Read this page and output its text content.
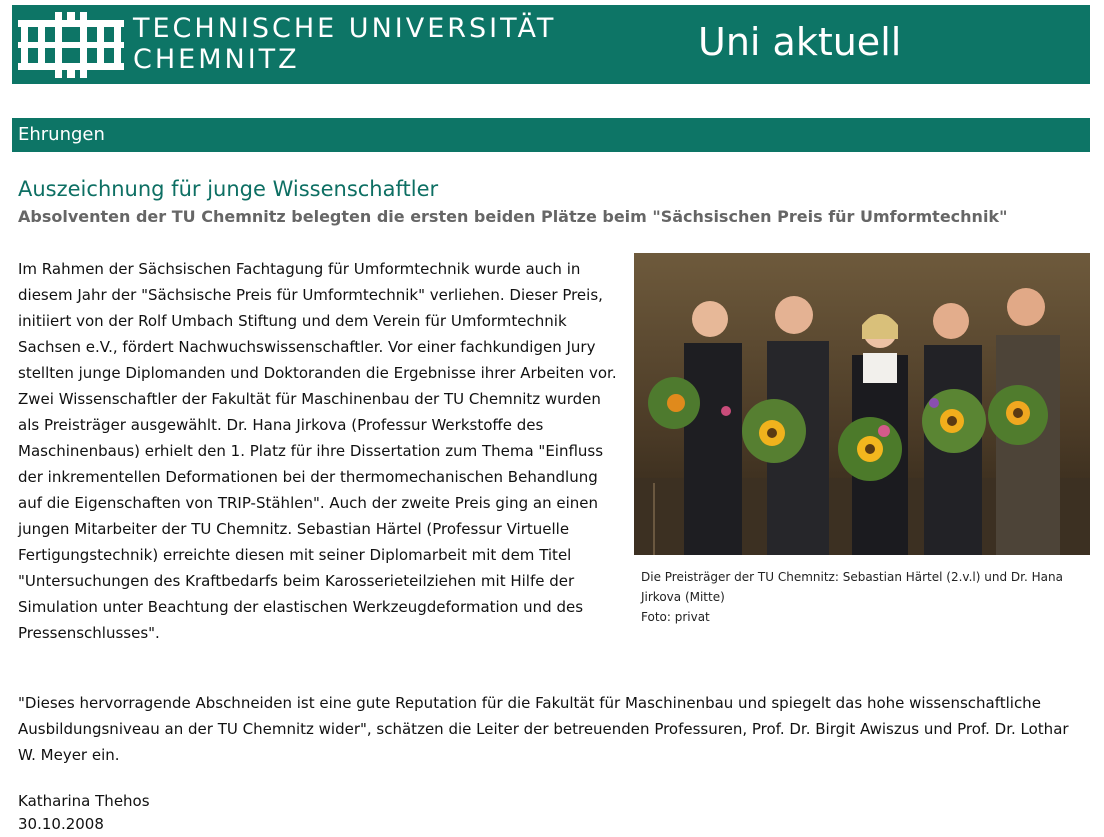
TECHNISCHE UNIVERSITÄT
CHEMNITZ	Uni aktuell
Ehrungen
Auszeichnung für junge Wissenschaftler
Absolventen der TU Chemnitz belegten die ersten beiden Plätze beim "Sächsischen Preis für Umformtechnik"

Im Rahmen der Sächsischen Fachtagung für Umformtechnik wurde auch in diesem Jahr der "Sächsische Preis für Umformtechnik" verliehen. Dieser Preis, initiiert von der Rolf Umbach Stiftung und dem Verein für Umformtechnik Sachsen e.V., fördert Nachwuchswissenschaftler. Vor einer fachkundigen Jury stellten junge Diplomanden und Doktoranden die Ergebnisse ihrer Arbeiten vor. Zwei Wissenschaftler der Fakultät für Maschinenbau der TU Chemnitz wurden als Preisträger ausgewählt. Dr. Hana Jirkova (Professur Werkstoffe des Maschinenbaus) erhielt den 1. Platz für ihre Dissertation zum Thema "Einfluss der inkrementellen Deformationen bei der thermomechanischen Behandlung auf die Eigenschaften von TRIP-Stählen". Auch der zweite Preis ging an einen jungen Mitarbeiter der TU Chemnitz. Sebastian Härtel (Professur Virtuelle Fertigungstechnik) erreichte diesen mit seiner Diplomarbeit mit dem Titel "Untersuchungen des Kraftbedarfs beim Karosserieteilziehen mit Hilfe der Simulation unter Beachtung der elastischen Werkzeugdeformation und des Pressenschlusses".

Die Preisträger der TU Chemnitz: Sebastian Härtel (2.v.l) und Dr. Hana Jirkova (Mitte)
Foto: privat

"Dieses hervorragende Abschneiden ist eine gute Reputation für die Fakultät für Maschinenbau und spiegelt das hohe wissenschaftliche Ausbildungsniveau an der TU Chemnitz wider", schätzen die Leiter der betreuenden Professuren, Prof. Dr. Birgit Awiszus und Prof. Dr. Lothar W. Meyer ein.

Katharina Thehos
30.10.2008
